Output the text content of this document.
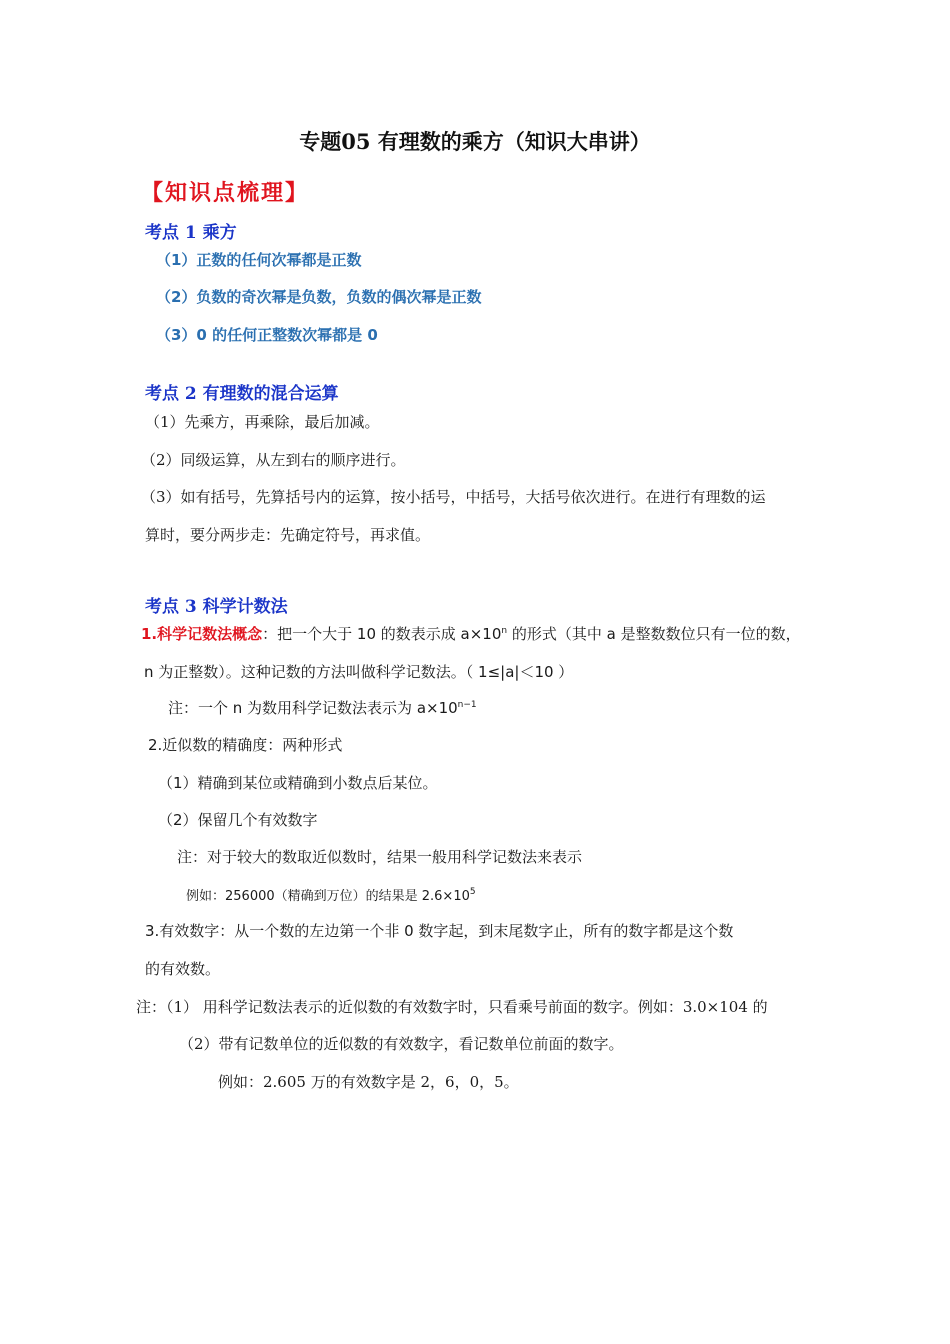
专题05 有理数的乘方（知识大串讲）
【知识点梳理】
考点 1 乘方
（1）正数的任何次幂都是正数
（2）负数的奇次幂是负数，负数的偶次幂是正数
（3）0 的任何正整数次幂都是 0
考点 2 有理数的混合运算
（1）先乘方，再乘除，最后加减。
（2）同级运算，从左到右的顺序进行。
（3）如有括号，先算括号内的运算，按小括号，中括号，大括号依次进行。在进行有理数的运
算时，要分两步走：先确定符号，再求值。
考点 3 科学计数法
1.科学记数法概念：把一个大于 10 的数表示成 $a\times 10^n$ 的形式（其中 a 是整数数位只有一位的数，
n 为正整数）。这种记数的方法叫做科学记数法。（ 1≤|a|＜10 ）
注：一个 n 为数用科学记数法表示为 $a\times 10^{n-1}$
2.近似数的精确度：两种形式
（1）精确到某位或精确到小数点后某位。
（2）保留几个有效数字
注：对于较大的数取近似数时，结果一般用科学记数法来表示
例如：256000（精确到万位）的结果是 $2.6\times 10^5$
3.有效数字：从一个数的左边第一个非 0 数字起，到末尾数字止，所有的数字都是这个数
的有效数。
注：（1） 用科学记数法表示的近似数的有效数字时，只看乘号前面的数字。例如：3.0×104 的
（2）带有记数单位的近似数的有效数字，看记数单位前面的数字。
例如：2.605 万的有效数字是 2，6，0，5。
